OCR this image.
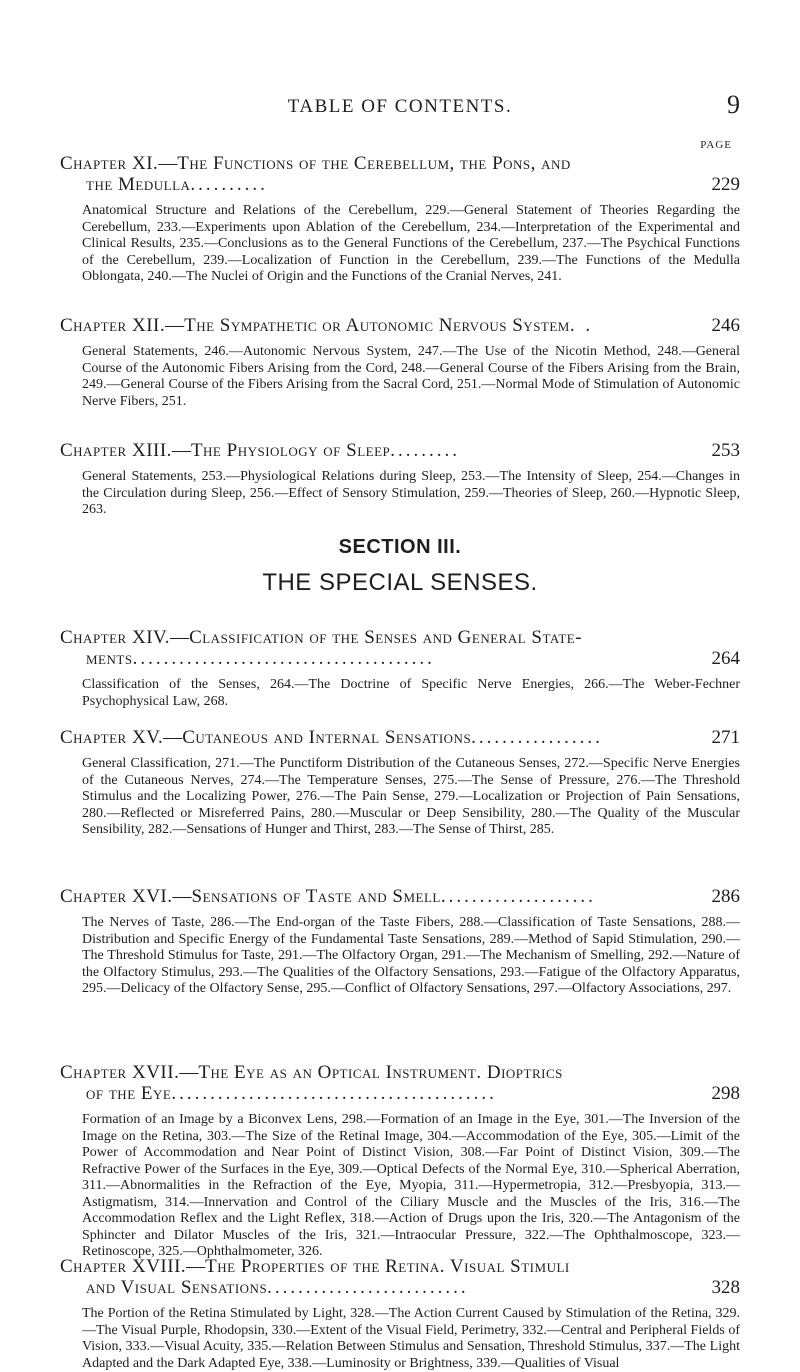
TABLE OF CONTENTS.	9
PAGE
Chapter XI.—The Functions of the Cerebellum, the Pons, and
the Medulla..........	229
Anatomical Structure and Relations of the Cerebellum, 229.—General Statement of Theories Regarding the Cerebellum, 233.—Experiments upon Ablation of the Cerebellum, 234.—Interpretation of the Experimental and Clinical Results, 235.—Conclusions as to the General Functions of the Cerebellum, 237.—The Psychical Functions of the Cerebellum, 239.—Localization of Function in the Cerebellum, 239.—The Functions of the Medulla Oblongata, 240.—The Nuclei of Origin and the Functions of the Cranial Nerves, 241.
Chapter XII.—The Sympathetic or Autonomic Nervous System. .	246
General Statements, 246.—Autonomic Nervous System, 247.—The Use of the Nicotin Method, 248.—General Course of the Autonomic Fibers Arising from the Cord, 248.—General Course of the Fibers Arising from the Brain, 249.—General Course of the Fibers Arising from the Sacral Cord, 251.—Normal Mode of Stimulation of Autonomic Nerve Fibers, 251.
Chapter XIII.—The Physiology of Sleep.........	253
General Statements, 253.—Physiological Relations during Sleep, 253.—The Intensity of Sleep, 254.—Changes in the Circulation during Sleep, 256.—Effect of Sensory Stimulation, 259.—Theories of Sleep, 260.—Hypnotic Sleep, 263.
SECTION III.
THE SPECIAL SENSES.
Chapter XIV.—Classification of the Senses and General State-
ments.......................................	264
Classification of the Senses, 264.—The Doctrine of Specific Nerve Energies, 266.—The Weber-Fechner Psychophysical Law, 268.
Chapter XV.—Cutaneous and Internal Sensations.................	271
General Classification, 271.—The Punctiform Distribution of the Cutaneous Senses, 272.—Specific Nerve Energies of the Cutaneous Nerves, 274.—The Temperature Senses, 275.—The Sense of Pressure, 276.—The Threshold Stimulus and the Localizing Power, 276.—The Pain Sense, 279.—Localization or Projection of Pain Sensations, 280.—Reflected or Misreferred Pains, 280.—Muscular or Deep Sensibility, 280.—The Quality of the Muscular Sensibility, 282.—Sensations of Hunger and Thirst, 283.—The Sense of Thirst, 285.
Chapter XVI.—Sensations of Taste and Smell....................	286
The Nerves of Taste, 286.—The End-organ of the Taste Fibers, 288.—Classification of Taste Sensations, 288.—Distribution and Specific Energy of the Fundamental Taste Sensations, 289.—Method of Sapid Stimulation, 290.—The Threshold Stimulus for Taste, 291.—The Olfactory Organ, 291.—The Mechanism of Smelling, 292.—Nature of the Olfactory Stimulus, 293.—The Qualities of the Olfactory Sensations, 293.—Fatigue of the Olfactory Apparatus, 295.—Delicacy of the Olfactory Sense, 295.—Conflict of Olfactory Sensations, 297.—Olfactory Associations, 297.
Chapter XVII.—The Eye as an Optical Instrument. Dioptrics
of the Eye..........................................	298
Formation of an Image by a Biconvex Lens, 298.—Formation of an Image in the Eye, 301.—The Inversion of the Image on the Retina, 303.—The Size of the Retinal Image, 304.—Accommodation of the Eye, 305.—Limit of the Power of Accommodation and Near Point of Distinct Vision, 308.—Far Point of Distinct Vision, 309.—The Refractive Power of the Surfaces in the Eye, 309.—Optical Defects of the Normal Eye, 310.—Spherical Aberration, 311.—Abnormalities in the Refraction of the Eye, Myopia, 311.—Hypermetropia, 312.—Presbyopia, 313.—Astigmatism, 314.—Innervation and Control of the Ciliary Muscle and the Muscles of the Iris, 316.—The Accommodation Reflex and the Light Reflex, 318.—Action of Drugs upon the Iris, 320.—The Antagonism of the Sphincter and Dilator Muscles of the Iris, 321.—Intraocular Pressure, 322.—The Ophthalmoscope, 323.—Retinoscope, 325.—Ophthalmometer, 326.
Chapter XVIII.—The Properties of the Retina. Visual Stimuli
and Visual Sensations..........................	328
The Portion of the Retina Stimulated by Light, 328.—The Action Current Caused by Stimulation of the Retina, 329.—The Visual Purple, Rhodopsin, 330.—Extent of the Visual Field, Perimetry, 332.—Central and Peripheral Fields of Vision, 333.—Visual Acuity, 335.—Relation Between Stimulus and Sensation, Threshold Stimulus, 337.—The Light Adapted and the Dark Adapted Eye, 338.—Luminosity or Brightness, 339.—Qualities of Visual
